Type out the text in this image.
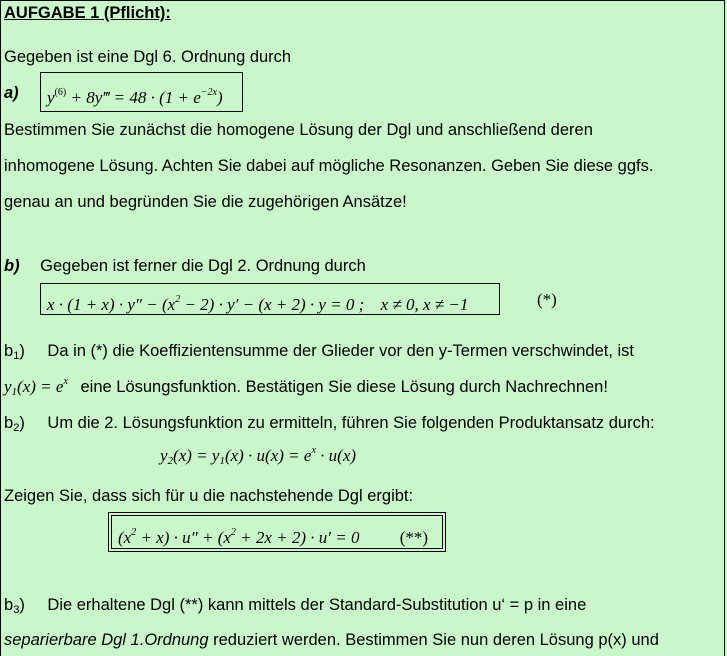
AUFGABE 1 (Pflicht):
Gegeben ist eine Dgl 6. Ordnung durch
a)	$y^{(6)}$ + 8y‴ = $48 \cdot (1 + e^{-2x})$
Bestimmen Sie zunächst die homogene Lösung der Dgl und anschließend deren
inhomogene Lösung. Achten Sie dabei auf mögliche Resonanzen. Geben Sie diese ggfs.
genau an und begründen Sie die zugehörigen Ansätze!
b) Gegeben ist ferner die Dgl 2. Ordnung durch
$x \cdot (1 + x) \cdot y'' - (x^2 - 2) \cdot y' - (x + 2) \cdot y = 0$ ; x ≠ 0, x ≠ −1	(*)
$b_1$) Da in (*) die Koeffizientensumme der Glieder vor den y-Termen verschwindet, ist
$y_1(x) = e^x$ eine Lösungsfunktion. Bestätigen Sie diese Lösung durch Nachrechnen!
$b_2$) Um die 2. Lösungsfunktion zu ermitteln, führen Sie folgenden Produktansatz durch:
$y_2(x) = y_1(x) \cdot u(x) = e^x \cdot u(x)$
Zeigen Sie, dass sich für u die nachstehende Dgl ergibt:
$(x^2 + x) \cdot u'' + (x^2 + 2x + 2) \cdot u' = 0$ (**)
$b_3$) Die erhaltene Dgl (**) kann mittels der Standard-Substitution u‘ = p in eine
separierbare Dgl 1.Ordnung reduziert werden. Bestimmen Sie nun deren Lösung p(x) und
